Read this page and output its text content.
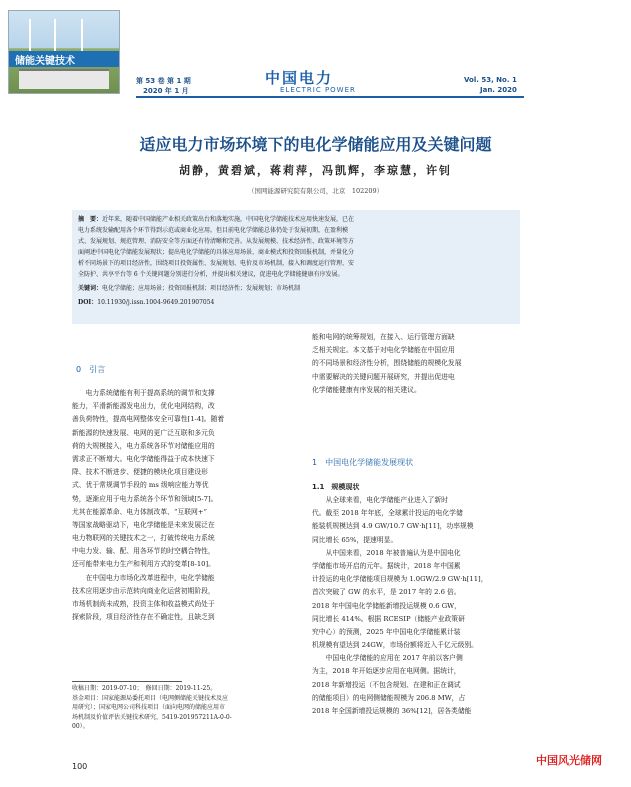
储能关键技术
第 53 卷 第 1 期
2020 年 1 月
中国电力
ELECTRIC POWER
Vol. 53, No. 1
Jan. 2020
适应电力市场环境下的电化学储能应用及关键问题
胡静，黄碧斌，蒋莉萍，冯凯辉，李琼慧，许钊
（国网能源研究院有限公司，北京　102209）
摘　要：近年来，随着中国储能产业相关政策出台和落地实施，中国电化学储能技术应用快速发展，已在
电力系统发输配用各个环节得到示范或商业化应用。但目前电化学储能总体仍处于发展初期，在盈利模
式、发展规划、规范管理、消防安全等方面还有待清晰和完善。从发展规模、技术经济性、政策环境等方
面阐述中国电化学储能发展现状；提出电化学储能的具体应用场景、商业模式和投资回报机制，并量化分
析不同场景下的项目经济性，围绕项目投资属性、发展规划、电价及市场机制、接入和调度运行管理、安
全防护、共享平台等 6 个关键问题分别进行分析，并提出相关建议，促进电化学储能健康有序发展。
关键词：电化学储能；应用场景；投资回报机制；项目经济性；发展规划；市场机制
DOI：10.11930/j.issn.1004-9649.201907054
0　引言
　　电力系统储能有利于提高系统的调节和支撑
能力，平滑新能源发电出力，优化电网结构，改
善负荷特性，提高电网整体安全可靠性[1-4]。随着
新能源的快速发展、电网的更广泛互联和多元负
荷的大规模接入，电力系统各环节对储能应用的
需求正不断增大。电化学储能得益于成本快速下
降、技术不断进步、便捷的模块化项目建设形
式、优于常规调节手段的 ms 级响应能力等优
势，逐渐应用于电力系统各个环节和领域[5-7]。
尤其在能源革命、电力体制改革、“互联网+”
等国家战略驱动下，电化学储能是未来发展泛在
电力物联网的关键技术之一，打破传统电力系统
中电力发、输、配、用各环节的时空耦合特性，
还可能带来电力生产和利用方式的变革[8-10]。
　　在中国电力市场化改革进程中，电化学储能
技术应用逐步由示范转向商业化运营初期阶段，
市场机制尚未成熟，投资主体和收益模式尚处于
探索阶段，项目经济性存在不确定性，且缺乏到
能和电网的统筹规划，在接入、运行管理方面缺
乏相关规定。本文基于对电化学储能在中国应用
的不同场景和经济性分析，围绕储能的规模化发展
中需要解决的关键问题开展研究，并提出促进电
化学储能健康有序发展的相关建议。
1　中国电化学储能发展现状
1.1　规模现状
　　从全球来看，电化学储能产业进入了新时
代。截至 2018 年年底，全球累计投运的电化学储
能装机规模达到 4.9 GW/10.7 GW·h[11]，功率规模
同比增长 65%，提速明显。
　　从中国来看，2018 年被普遍认为是中国电化
学储能市场开启的元年。据统计，2018 年中国累
计投运的电化学储能项目规模为 1.0GW/2.9 GW·h[11]，
首次突破了 GW 的水平，是 2017 年的 2.6 倍。
2018 年中国电化学储能新增投运规模 0.6 GW，
同比增长 414%。根据 RCESIP（储能产业政策研
究中心）的预测，2025 年中国电化学储能累计装
机规模有望达到 24GW，市场份额将近入千亿元级别。
　　中国电化学储能的应用在 2017 年前以客户侧
为主，2018 年开始逐步应用在电网侧。据统计，
2018 年新增投运（不包含规划、在建和正在调试
的储能项目）的电网侧储能规模为 206.8 MW，占
2018 年全国新增投运规模的 36%[12]，居各类储能
收稿日期：2019-07-10；　修回日期：2019-11-25。
基金项目：国家能源局委托项目（电网侧储能关键技术及应
用研究）；国家电网公司科技项目（面向电网的储能应用市
场机制及价值评估关键技术研究，5419-201957211A-0-0-
00）。
100	中国风光储网
